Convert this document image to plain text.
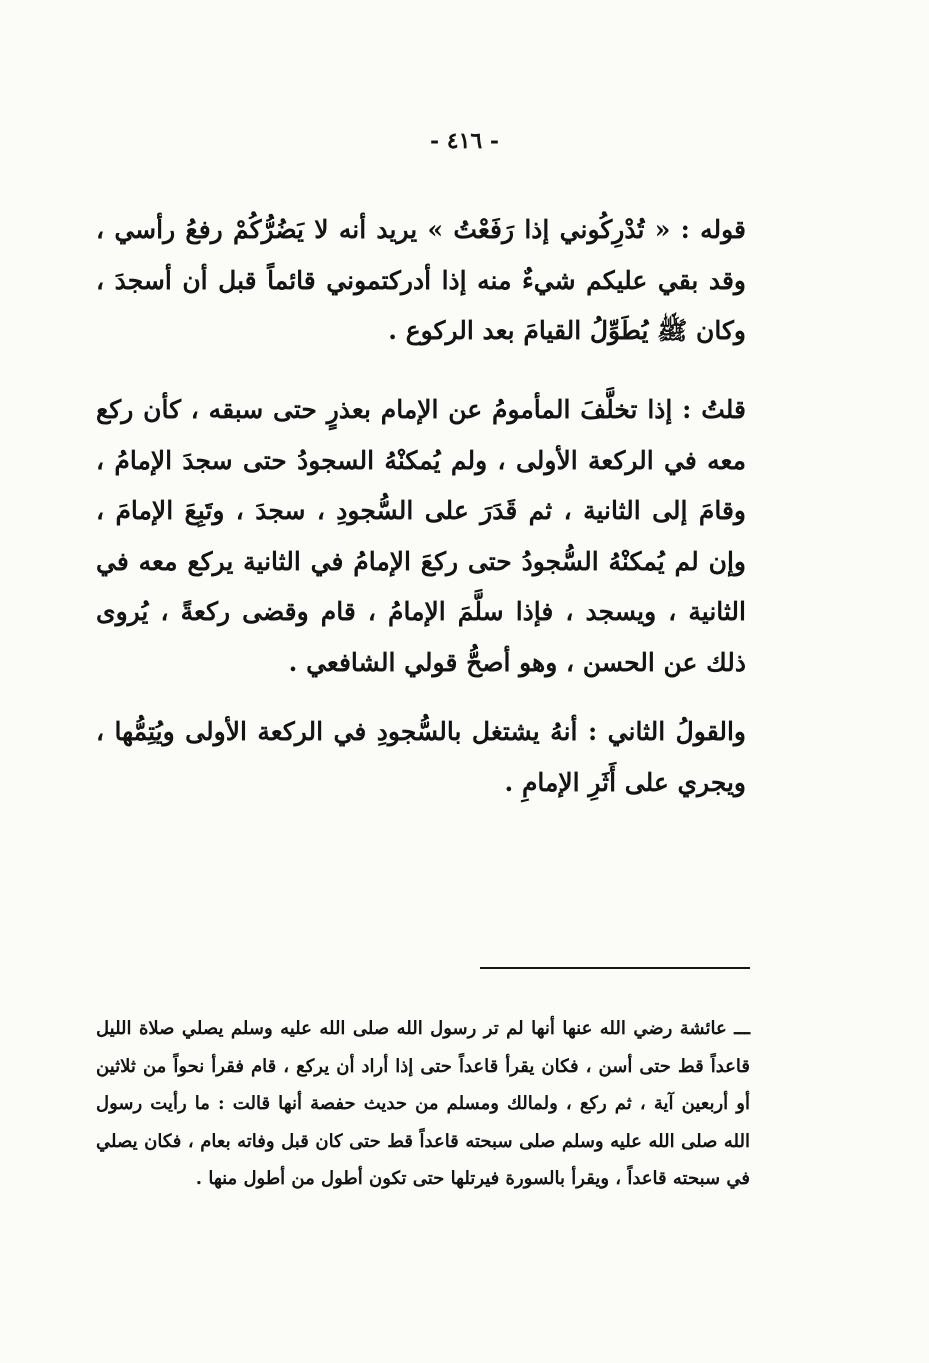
- ٤١٦ -

قوله : « تُدْرِكُوني إذا رَفَعْتُ » يريد أنه لا يَضُرُّكُمْ رفعُ رأسي ، وقد بقي عليكم شيءٌ منه إذا أدركتموني قائماً قبل أن أسجدَ ، وكان ﷺ يُطَوِّلُ القيامَ بعد الركوع .

قلتُ : إذا تخلَّفَ المأمومُ عن الإمام بعذرٍ حتى سبقه ، كأن ركع معه في الركعة الأولى ، ولم يُمكنْهُ السجودُ حتى سجدَ الإمامُ ، وقامَ إلى الثانية ، ثم قَدَرَ على السُّجودِ ، سجدَ ، وتَبِعَ الإمامَ ، وإن لم يُمكنْهُ السُّجودُ حتى ركعَ الإمامُ في الثانية يركع معه في الثانية ، ويسجد ، فإذا سلَّمَ الإمامُ ، قام وقضى ركعةً ، يُروى ذلك عن الحسن ، وهو أصحُّ قولي الشافعي .

والقولُ الثاني : أنهُ يشتغل بالسُّجودِ في الركعة الأولى ويُتِمُّها ، ويجري على أَثَرِ الإمامِ .

ـــ عائشة رضي الله عنها أنها لم تر رسول الله صلى الله عليه وسلم يصلي صلاة الليل قاعداً قط حتى أسن ، فكان يقرأ قاعداً حتى إذا أراد أن يركع ، قام فقرأ نحواً من ثلاثين أو أربعين آية ، ثم ركع ، ولمالك ومسلم من حديث حفصة أنها قالت : ما رأيت رسول الله صلى الله عليه وسلم صلى سبحته قاعداً قط حتى كان قبل وفاته بعام ، فكان يصلي في سبحته قاعداً ، ويقرأ بالسورة فيرتلها حتى تكون أطول من أطول منها .
